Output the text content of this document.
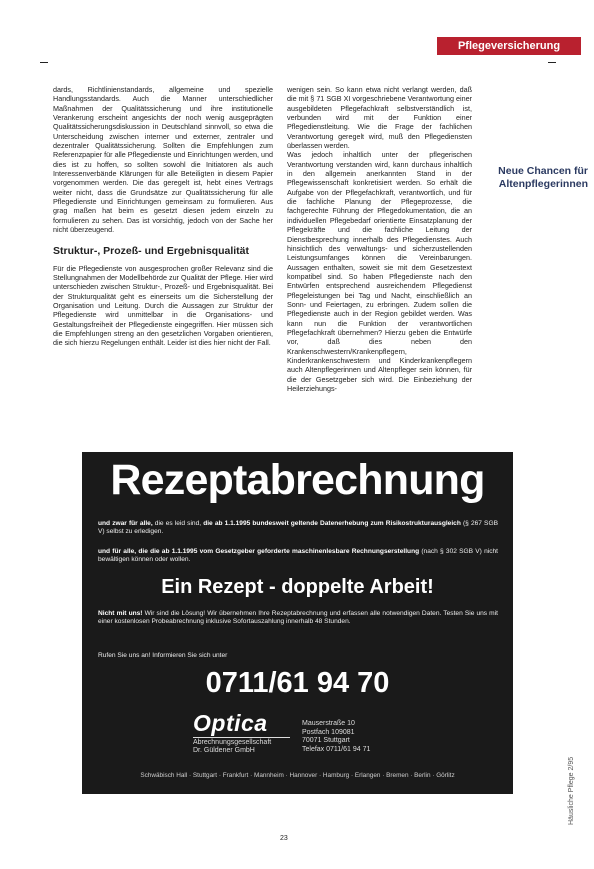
Pflegeversicherung

dards, Richtlinienstandards, allgemeine und spezielle Handlungsstandards. Auch die Manner unterschiedlicher Maßnahmen der Qualitätssicherung und ihre institutionelle Verankerung erscheint angesichts der noch wenig ausgeprägten Qualitätssicherungsdiskussion in Deutschland sinnvoll, so etwa die Unterscheidung zwischen interner und externer, zentraler und dezentraler Qualitätssicherung. Sollten die Empfehlungen zum Referenzpapier für alle Pflegedienste und Einrichtungen werden, und dies ist zu hoffen, so sollten sowohl die Initiatoren als auch Interessenverbände Klärungen für alle Beteiligten in diesem Papier vorgenommen werden. Die das geregelt ist, hebt eines Vertrags weiter nicht, dass die Grundsätze zur Qualitätssicherung für alle Pflegedienste und Einrichtungen gemeinsam zu formulieren. Aus grag maßen hat beim es gesetzt diesen jedem einzeln zu formulieren zu sehen. Das ist vorsichtig, jedoch von der Sache her nicht überzeugend.

Struktur-, Prozeß- und Ergebnisqualität

Für die Pflegedienste von ausgesprochen großer Relevanz sind die Stellungnahmen der Modellbehörde zur Qualität der Pflege. Hier wird unterschieden zwischen Struktur-, Prozeß- und Ergebnisqualität. Bei der Strukturqualität geht es einerseits um die Sicherstellung der Organisation und Leitung. Durch die Aussagen zur Struktur der Pflegedienste wird unmittelbar in die Organisations- und Gestaltungsfreiheit der Pflegedienste eingegriffen. Hier müssen sich die Empfehlungen streng an den gesetzlichen Vorgaben orientieren, die sich hierzu Regelungen enthält. Leider ist dies hier nicht der Fall.

wenigen sein. So kann etwa nicht verlangt werden, daß die mit § 71 SGB XI vorgeschriebene Verantwortung einer ausgebildeten Pflegefachkraft selbstverständlich ist, verbunden wird mit der Funktion einer Pflegedienstleitung. Wie die Frage der fachlichen Verantwortung geregelt wird, muß den Pflegediensten überlassen werden.
Was jedoch inhaltlich unter der pflegerischen Verantwortung verstanden wird, kann durchaus inhaltlich in den allgemein anerkannten Stand in der Pflegewissenschaft konkretisiert werden. So erhält die Aufgabe von der Pflegefachkraft, verantwortlich, und für die fachliche Planung der Pflegeprozesse, die fachgerechte Führung der Pflegedokumentation, die an individuellen Pflegebedarf orientierte Einsatzplanung der Pflegekräfte und die fachliche Leitung der Dienstbesprechung innerhalb des Pflegedienstes. Auch hinsichtlich des verwaltungs- und sicherzustellenden Leistungsumfanges können die Vereinbarungen. Aussagen enthalten, soweit sie mit dem Gesetzestext kompatibel sind. So haben Pflegedienste nach den Entwürfen entsprechend ausreichendem Pflegedienst Pflegeleistungen bei Tag und Nacht, einschließlich an Sonn- und Feiertagen, zu erbringen. Zudem sollen die Pflegedienste auch in der Region gebildet werden. Was kann nun die Funktion der verantwortlichen Pflegefachkraft übernehmen? Hierzu geben die Entwürfe vor, daß dies neben den Krankenschwestern/Krankenpflegern, Kinderkrankenschwestern und Kinderkrankenpflegern auch Altenpflegerinnen und Altenpfleger sein können, für die der Gesetzgeber sich wird. Die Einbeziehung der Heilerziehungs-

Neue Chancen für Altenpflegerinnen
Rezeptabrechnung
und zwar für alle, die es leid sind, die ab 1.1.1995 bundesweit geltende Datenerhebung zum Risikostrukturausgleich (§ 267 SGB V) selbst zu erledigen.
und für alle, die die ab 1.1.1995 vom Gesetzgeber geforderte maschinenlesbare Rechnungserstellung (nach § 302 SGB V) nicht bewältigen können oder wollen.
Ein Rezept - doppelte Arbeit!
Nicht mit uns! Wir sind die Lösung! Wir übernehmen Ihre Rezeptabrechnung und erfassen alle notwendigen Daten. Testen Sie uns mit einer kostenlosen Probeabrechnung inklusive Sofortauszahlung innerhalb 48 Stunden.
Rufen Sie uns an! Informieren Sie sich unter
0711/61 94 70
Optica
Abrechnungsgesellschaft
Dr. Güldener GmbH
Mauserstraße 10
Postfach 109081
70071 Stuttgart
Telefax 0711/61 94 71
Schwäbisch Hall · Stuttgart · Frankfurt · Mannheim · Hannover · Hamburg · Erlangen · Bremen · Berlin · Görlitz	Häusliche Pflege 2/95
23
